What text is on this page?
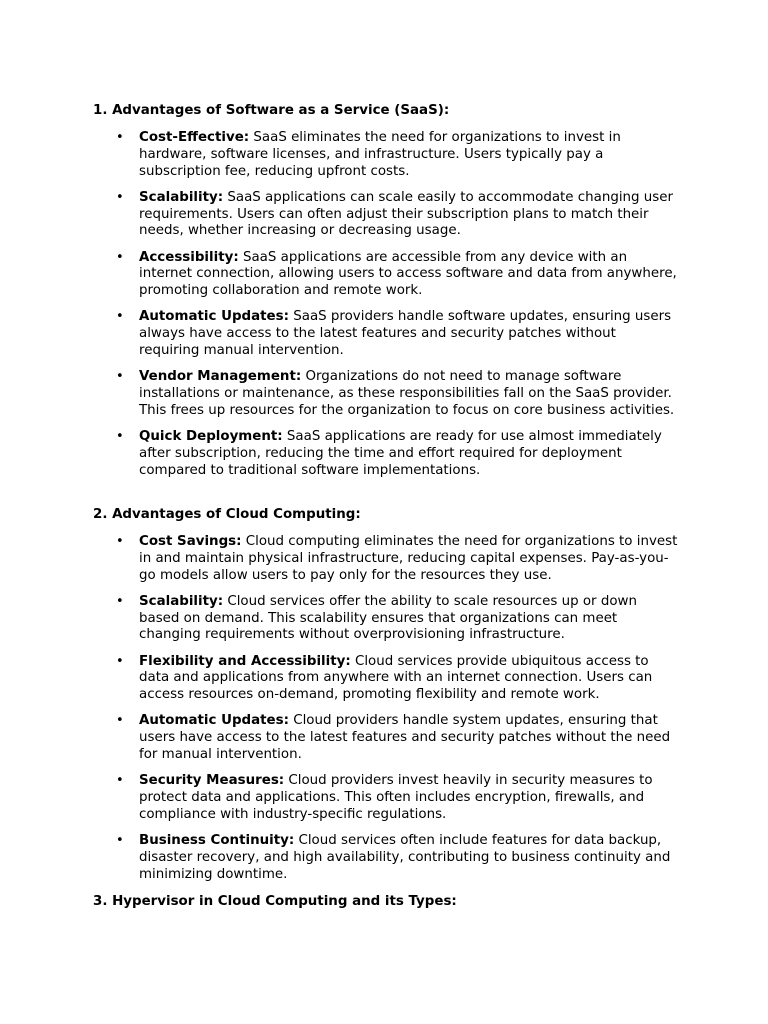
1. Advantages of Software as a Service (SaaS):
• Cost-Effective: SaaS eliminates the need for organizations to invest in hardware, software licenses, and infrastructure. Users typically pay a subscription fee, reducing upfront costs.
• Scalability: SaaS applications can scale easily to accommodate changing user requirements. Users can often adjust their subscription plans to match their needs, whether increasing or decreasing usage.
• Accessibility: SaaS applications are accessible from any device with an internet connection, allowing users to access software and data from anywhere, promoting collaboration and remote work.
• Automatic Updates: SaaS providers handle software updates, ensuring users always have access to the latest features and security patches without requiring manual intervention.
• Vendor Management: Organizations do not need to manage software installations or maintenance, as these responsibilities fall on the SaaS provider. This frees up resources for the organization to focus on core business activities.
• Quick Deployment: SaaS applications are ready for use almost immediately after subscription, reducing the time and effort required for deployment compared to traditional software implementations.
2. Advantages of Cloud Computing:
• Cost Savings: Cloud computing eliminates the need for organizations to invest in and maintain physical infrastructure, reducing capital expenses. Pay-as-you-go models allow users to pay only for the resources they use.
• Scalability: Cloud services offer the ability to scale resources up or down based on demand. This scalability ensures that organizations can meet changing requirements without overprovisioning infrastructure.
• Flexibility and Accessibility: Cloud services provide ubiquitous access to data and applications from anywhere with an internet connection. Users can access resources on-demand, promoting flexibility and remote work.
• Automatic Updates: Cloud providers handle system updates, ensuring that users have access to the latest features and security patches without the need for manual intervention.
• Security Measures: Cloud providers invest heavily in security measures to protect data and applications. This often includes encryption, firewalls, and compliance with industry-specific regulations.
• Business Continuity: Cloud services often include features for data backup, disaster recovery, and high availability, contributing to business continuity and minimizing downtime.
3. Hypervisor in Cloud Computing and its Types:
